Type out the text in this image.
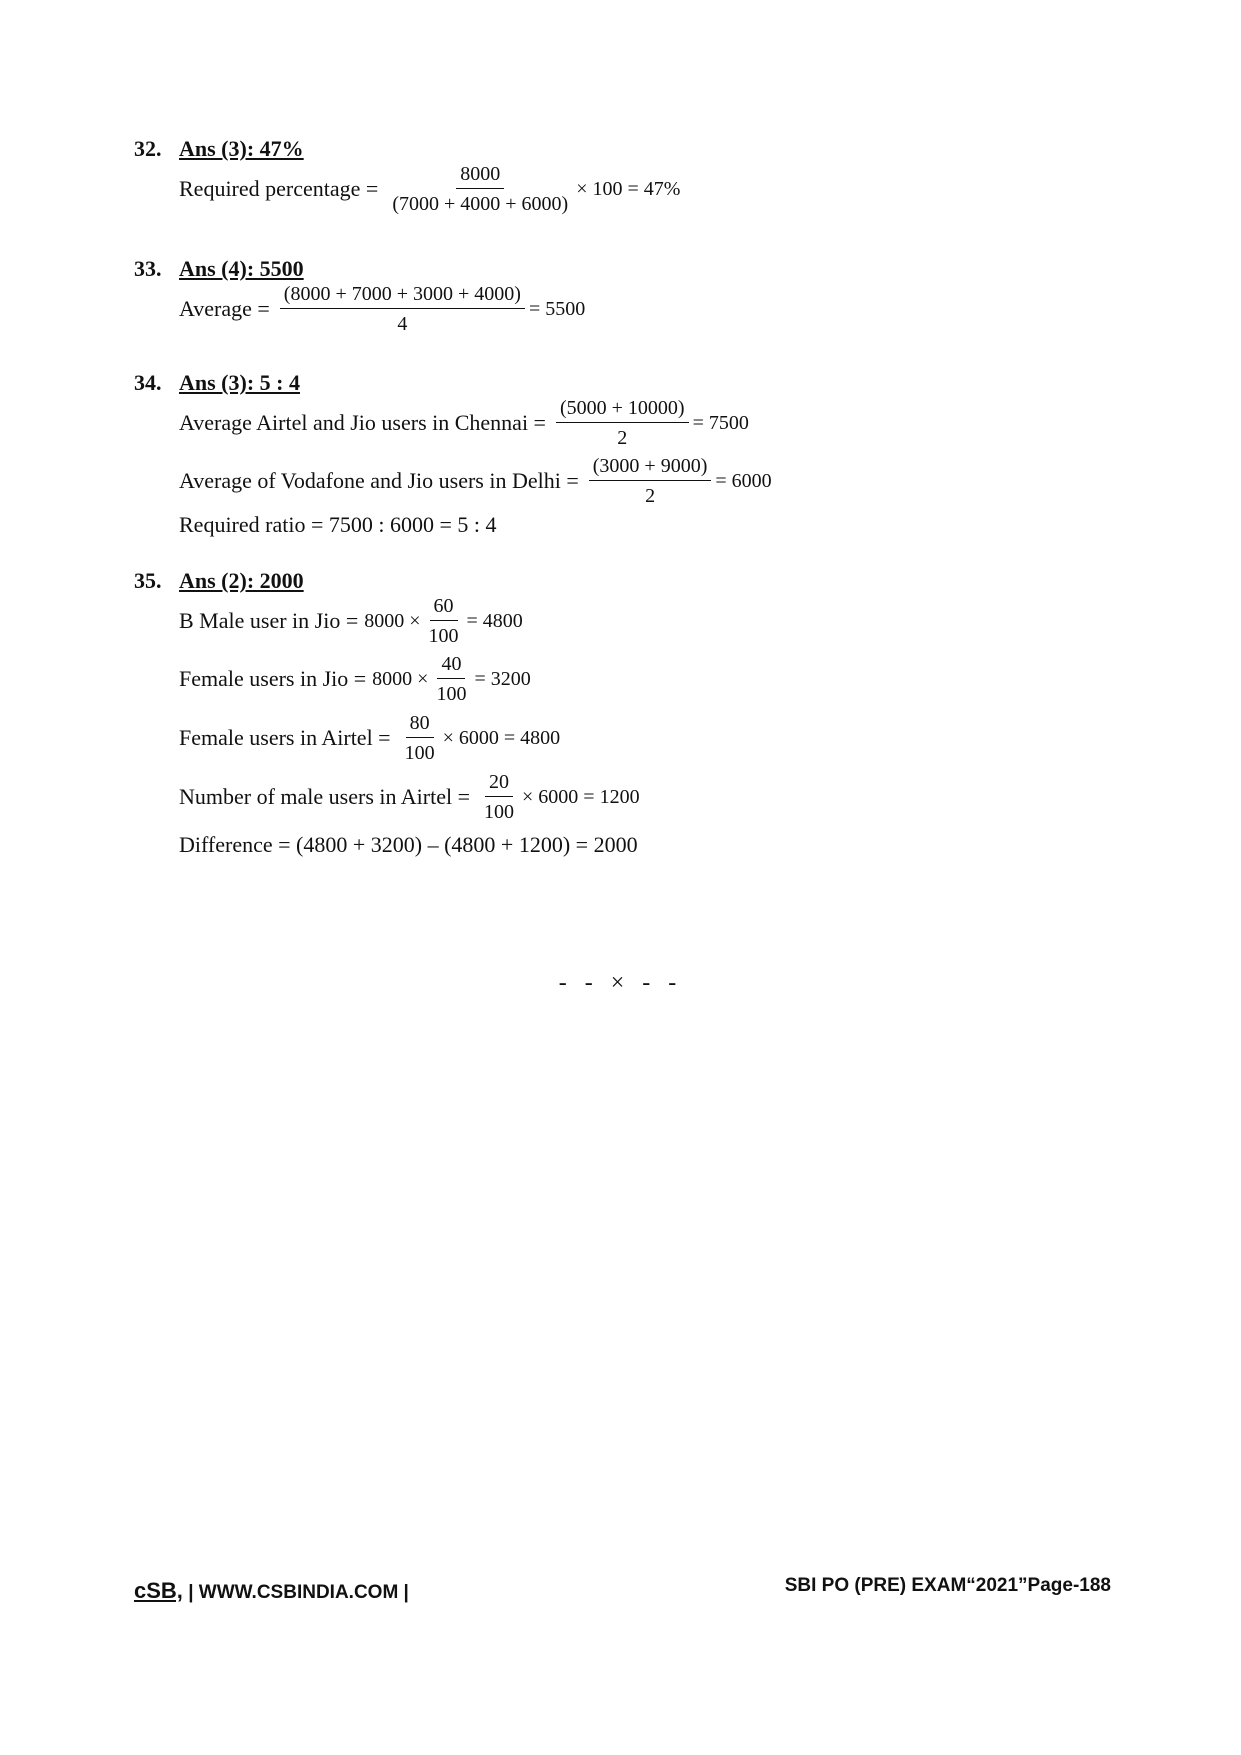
32. Ans (3): 47%
Required percentage = $\frac{8000}{(7000 + 4000 + 6000)} \times 100 = 47\%$
33. Ans (4): 5500
Average = $\frac{(8000 + 7000 + 3000 + 4000)}{4} = 5500$
34. Ans (3): 5 : 4
Average Airtel and Jio users in Chennai = $\frac{(5000 + 10000)}{2} = 7500$
Average of Vodafone and Jio users in Delhi = $\frac{(3000 + 9000)}{2} = 6000$
Required ratio = 7500 : 6000 = 5 : 4
35. Ans (2): 2000
B Male user in Jio = $8000 \times \frac{60}{100} = 4800$
Female users in Jio = $8000 \times \frac{40}{100} = 3200$
Female users in Airtel = $\frac{80}{100} \times 6000 = 4800$
Number of male users in Airtel = $\frac{20}{100} \times 6000 = 1200$
Difference = (4800 + 3200) – (4800 + 1200) = 2000
- - × - -
cSB, | WWW.CSBINDIA.COM |	SBI PO (PRE) EXAM“2021”Page-188
